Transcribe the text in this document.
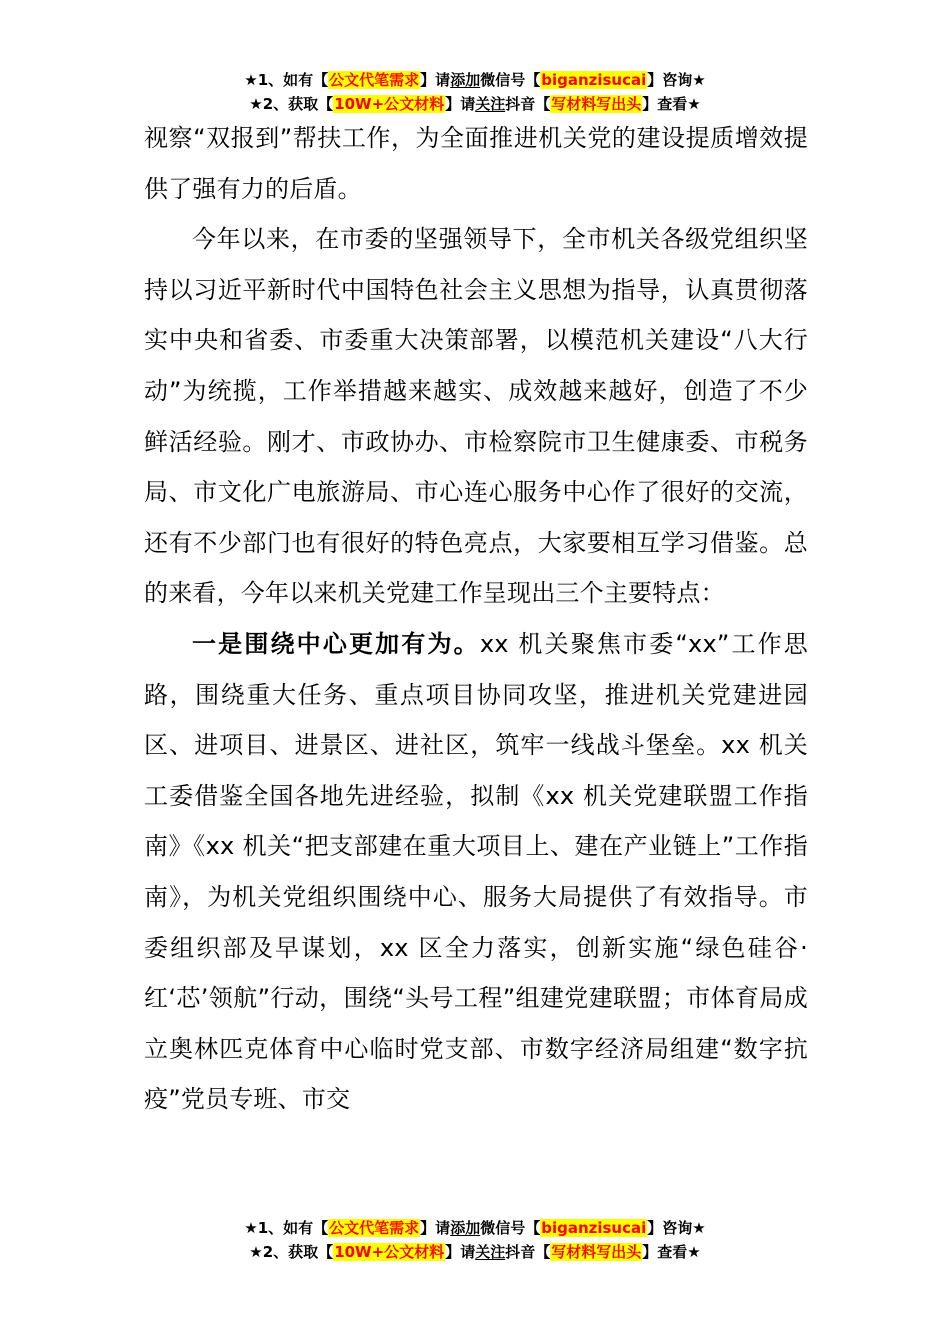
★1、如有【公文代笔需求】请添加微信号【biganzisucai】咨询★
★2、获取【10W+公文材料】请关注抖音【写材料写出头】查看★

视察“双报到”帮扶工作，为全面推进机关党的建设提质增效提供了强有力的后盾。

今年以来，在市委的坚强领导下，全市机关各级党组织坚持以习近平新时代中国特色社会主义思想为指导，认真贯彻落实中央和省委、市委重大决策部署，以模范机关建设“八大行动”为统揽，工作举措越来越实、成效越来越好，创造了不少鲜活经验。刚才、市政协办、市检察院市卫生健康委、市税务局、市文化广电旅游局、市心连心服务中心作了很好的交流，还有不少部门也有很好的特色亮点，大家要相互学习借鉴。总的来看，今年以来机关党建工作呈现出三个主要特点：

一是围绕中心更加有为。xx 机关聚焦市委“xx”工作思路，围绕重大任务、重点项目协同攻坚，推进机关党建进园区、进项目、进景区、进社区，筑牢一线战斗堡垒。xx 机关工委借鉴全国各地先进经验，拟制《xx 机关党建联盟工作指南》《xx 机关“把支部建在重大项目上、建在产业链上”工作指南》，为机关党组织围绕中心、服务大局提供了有效指导。市委组织部及早谋划，xx 区全力落实，创新实施“绿色硅谷·红‘芯’领航”行动，围绕“头号工程”组建党建联盟；市体育局成立奥林匹克体育中心临时党支部、市数字经济局组建“数字抗疫”党员专班、市交

★1、如有【公文代笔需求】请添加微信号【biganzisucai】咨询★
★2、获取【10W+公文材料】请关注抖音【写材料写出头】查看★
